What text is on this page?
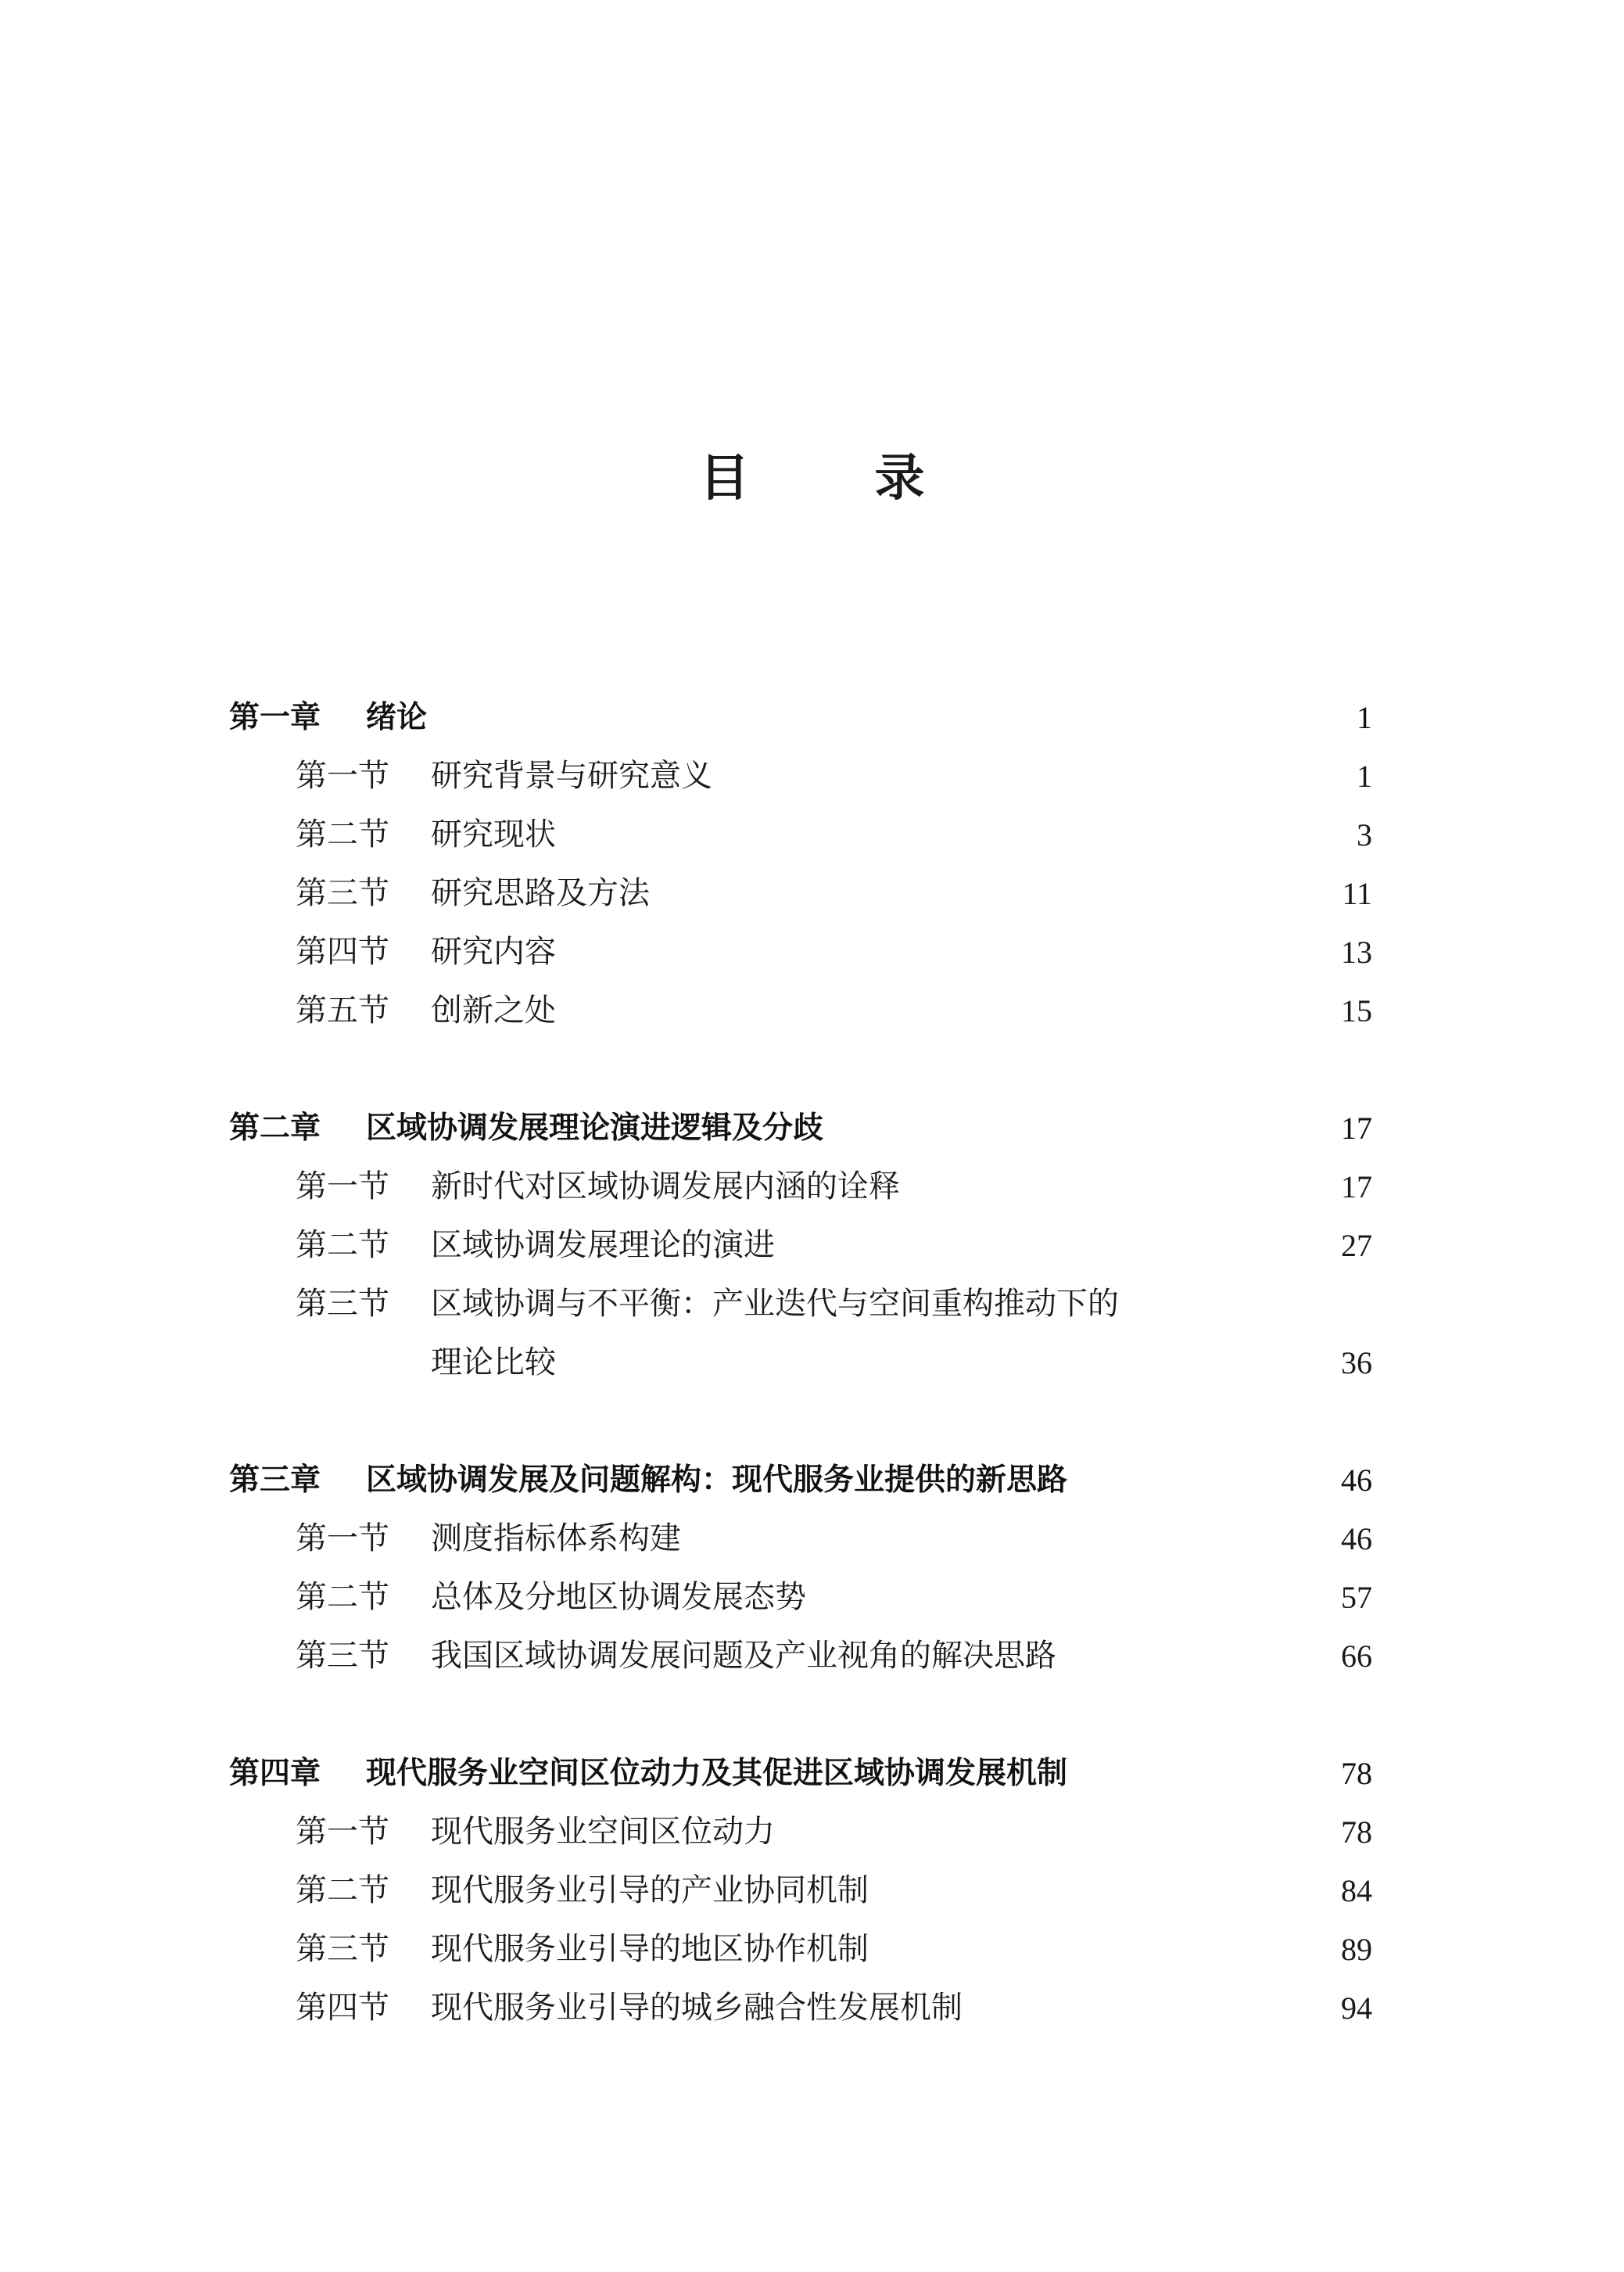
目	录
第一章 绪论	1
第一节 研究背景与研究意义	1
第二节 研究现状	3
第三节 研究思路及方法	11
第四节 研究内容	13
第五节 创新之处	15
第二章 区域协调发展理论演进逻辑及分歧	17
第一节 新时代对区域协调发展内涵的诠释	17
第二节 区域协调发展理论的演进	27
第三节 区域协调与不平衡：产业迭代与空间重构推动下的
理论比较	36
第三章 区域协调发展及问题解构：现代服务业提供的新思路	46
第一节 测度指标体系构建	46
第二节 总体及分地区协调发展态势	57
第三节 我国区域协调发展问题及产业视角的解决思路	66
第四章 现代服务业空间区位动力及其促进区域协调发展机制	78
第一节 现代服务业空间区位动力	78
第二节 现代服务业引导的产业协同机制	84
第三节 现代服务业引导的地区协作机制	89
第四节 现代服务业引导的城乡融合性发展机制	94
